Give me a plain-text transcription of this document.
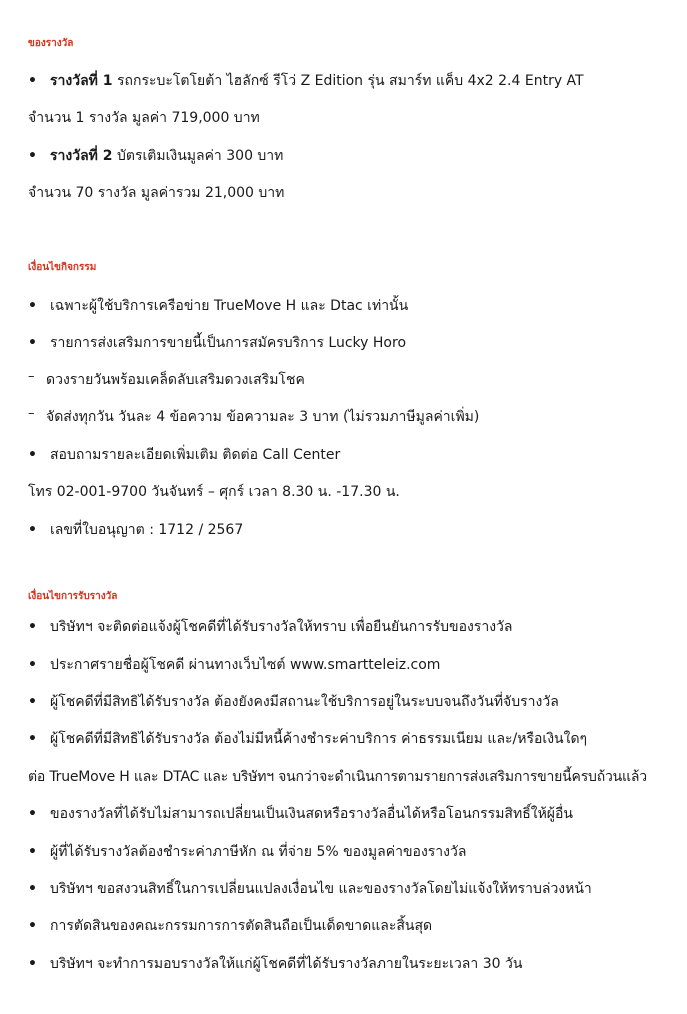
ของรางวัล
• รางวัลที่ 1 รถกระบะโตโยต้า ไฮลักซ์ รีโว่ Z Edition รุ่น สมาร์ท แค็บ 4x2 2.4 Entry AT
จำนวน 1 รางวัล มูลค่า 719,000 บาท
• รางวัลที่ 2 บัตรเติมเงินมูลค่า 300 บาท
จำนวน 70 รางวัล มูลค่ารวม 21,000 บาท
เงื่อนไขกิจกรรม
• เฉพาะผู้ใช้บริการเครือข่าย TrueMove H และ Dtac เท่านั้น
• รายการส่งเสริมการขายนี้เป็นการสมัครบริการ Lucky Horo
– ดวงรายวันพร้อมเคล็ดลับเสริมดวงเสริมโชค
– จัดส่งทุกวัน วันละ 4 ข้อความ ข้อความละ 3 บาท (ไม่รวมภาษีมูลค่าเพิ่ม)
• สอบถามรายละเอียดเพิ่มเติม ติดต่อ Call Center
โทร 02-001-9700 วันจันทร์ – ศุกร์ เวลา 8.30 น. -17.30 น.
• เลขที่ใบอนุญาต : 1712 / 2567
เงื่อนไขการรับรางวัล
• บริษัทฯ จะติดต่อแจ้งผู้โชคดีที่ได้รับรางวัลให้ทราบ เพื่อยืนยันการรับของรางวัล
• ประกาศรายชื่อผู้โชคดี ผ่านทางเว็บไซต์ www.smartteleiz.com
• ผู้โชคดีที่มีสิทธิได้รับรางวัล ต้องยังคงมีสถานะใช้บริการอยู่ในระบบจนถึงวันที่จับรางวัล
• ผู้โชคดีที่มีสิทธิได้รับรางวัล ต้องไม่มีหนี้ค้างชำระค่าบริการ ค่าธรรมเนียม และ/หรือเงินใดๆ
ต่อ TrueMove H และ DTAC และ บริษัทฯ จนกว่าจะดำเนินการตามรายการส่งเสริมการขายนี้ครบถ้วนแล้ว
• ของรางวัลที่ได้รับไม่สามารถเปลี่ยนเป็นเงินสดหรือรางวัลอื่นได้หรือโอนกรรมสิทธิ์ให้ผู้อื่น
• ผู้ที่ได้รับรางวัลต้องชำระค่าภาษีหัก ณ ที่จ่าย 5% ของมูลค่าของรางวัล
• บริษัทฯ ขอสงวนสิทธิ์ในการเปลี่ยนแปลงเงื่อนไข และของรางวัลโดยไม่แจ้งให้ทราบล่วงหน้า
• การตัดสินของคณะกรรมการการตัดสินถือเป็นเด็ดขาดและสิ้นสุด
• บริษัทฯ จะทำการมอบรางวัลให้แก่ผู้โชคดีที่ได้รับรางวัลภายในระยะเวลา 30 วัน
